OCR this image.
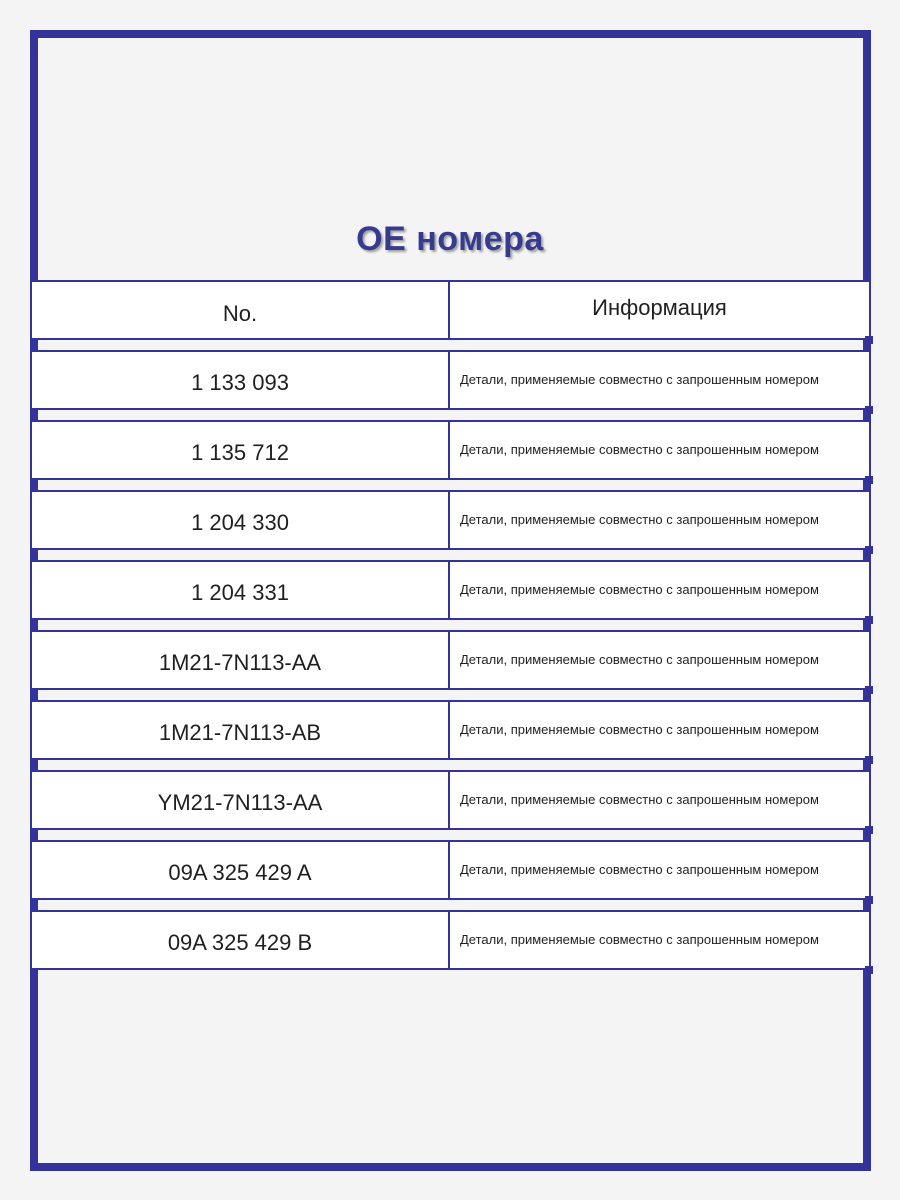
OE номера
No.	Информация
1 133 093	Детали, применяемые совместно с запрошенным номером
1 135 712	Детали, применяемые совместно с запрошенным номером
1 204 330	Детали, применяемые совместно с запрошенным номером
1 204 331	Детали, применяемые совместно с запрошенным номером
1M21-7N113-AA	Детали, применяемые совместно с запрошенным номером
1M21-7N113-AB	Детали, применяемые совместно с запрошенным номером
YM21-7N113-AA	Детали, применяемые совместно с запрошенным номером
09A 325 429 A	Детали, применяемые совместно с запрошенным номером
09A 325 429 B	Детали, применяемые совместно с запрошенным номером
